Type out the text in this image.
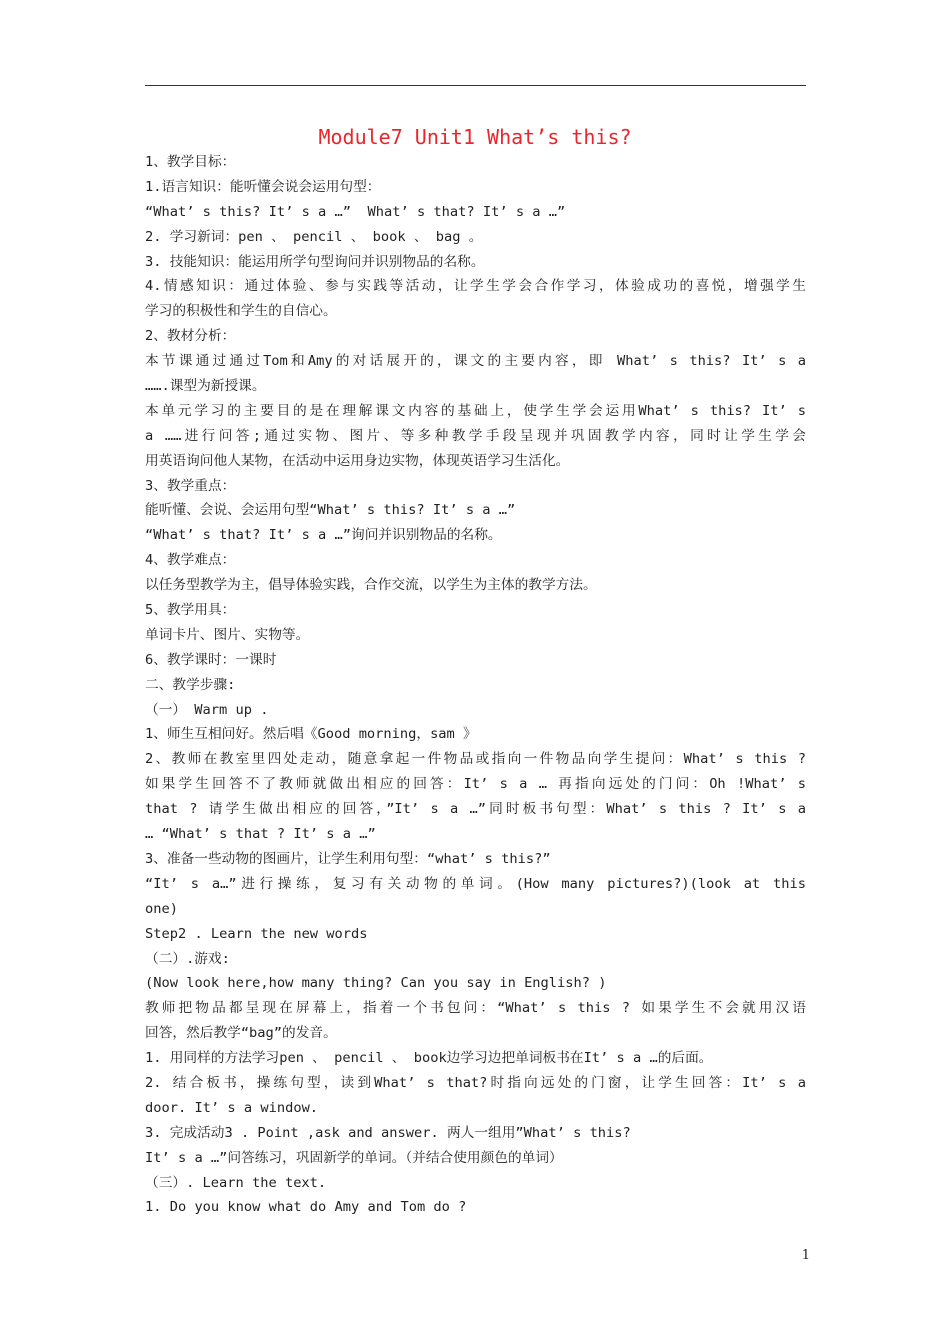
Module7 Unit1 What’s this?
1、教学目标：
1.语言知识：能听懂会说会运用句型：
“What’ s this? It’ s a …”  What’ s that? It’ s a …”
2. 学习新词：pen 、 pencil 、 book 、 bag 。
3. 技能知识：能运用所学句型询问并识别物品的名称。
4.情感知识：通过体验、参与实践等活动，让学生学会合作学习，体验成功的喜悦，增强学生
学习的积极性和学生的自信心。
2、教材分析：
本节课通过通过Tom和Amy的对话展开的，课文的主要内容，即 What’ s this? It’ s a
…….课型为新授课。
本单元学习的主要目的是在理解课文内容的基础上，使学生学会运用What’ s this? It’ s
a ……进行问答;通过实物、图片、等多种教学手段呈现并巩固教学内容，同时让学生学会
用英语询问他人某物，在活动中运用身边实物，体现英语学习生活化。
3、教学重点：
能听懂、会说、会运用句型“What’ s this? It’ s a …”
“What’ s that? It’ s a …”询问并识别物品的名称。
4、教学难点：
以任务型教学为主，倡导体验实践，合作交流，以学生为主体的教学方法。
5、教学用具：
单词卡片、图片、实物等。
6、教学课时：一课时
二、教学步骤:
（一） Warm up .
1、师生互相问好。然后唱《Good morning，sam 》
2、教师在教室里四处走动，随意拿起一件物品或指向一件物品向学生提问：What’ s this ?
如果学生回答不了教师就做出相应的回答：It’ s a … 再指向远处的门问：Oh !What’ s
that ? 请学生做出相应的回答，”It’ s a …”同时板书句型：What’ s this ? It’ s a
… “What’ s that ? It’ s a …”
3、准备一些动物的图画片，让学生利用句型：“what’ s this?”
“It’ s a…”进行操练，复习有关动物的单词。(How many pictures?)(look at this
one)
Step2 . Learn the new words
（二）.游戏:
(Now look here,how many thing? Can you say in English? )
教师把物品都呈现在屏幕上，指着一个书包问：“What’ s this ? 如果学生不会就用汉语
回答，然后教学“bag”的发音。
1. 用同样的方法学习pen 、 pencil 、 book边学习边把单词板书在It’ s a …的后面。
2. 结合板书，操练句型，读到What’ s that?时指向远处的门窗，让学生回答：It’ s a
door. It’ s a window.
3. 完成活动3 . Point ,ask and answer. 两人一组用”What’ s this?
It’ s a …”问答练习，巩固新学的单词。（并结合使用颜色的单词）
（三）. Learn the text.
1. Do you know what do Amy and Tom do ?
1
